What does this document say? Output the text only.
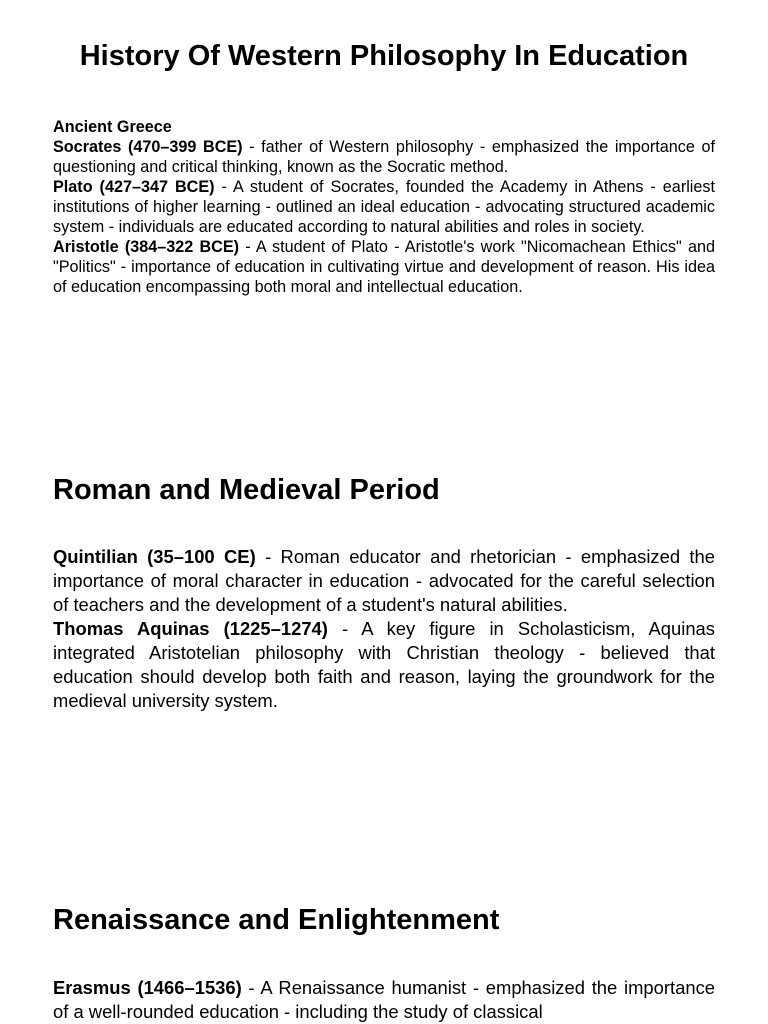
History Of Western Philosophy In Education

Ancient Greece

Socrates (470–399 BCE) - father of Western philosophy - emphasized the importance of questioning and critical thinking, known as the Socratic method.

Plato (427–347 BCE) - A student of Socrates, founded the Academy in Athens - earliest institutions of higher learning - outlined an ideal education - advocating structured academic system - individuals are educated according to natural abilities and roles in society.

Aristotle (384–322 BCE) - A student of Plato - Aristotle's work "Nicomachean Ethics" and "Politics" - importance of education in cultivating virtue and development of reason. His idea of education encompassing both moral and intellectual education.

Roman and Medieval Period

Quintilian (35–100 CE) - Roman educator and rhetorician - emphasized the importance of moral character in education - advocated for the careful selection of teachers and the development of a student's natural abilities.

Thomas Aquinas (1225–1274) - A key figure in Scholasticism, Aquinas integrated Aristotelian philosophy with Christian theology - believed that education should develop both faith and reason, laying the groundwork for the medieval university system.

Renaissance and Enlightenment

Erasmus (1466–1536) - A Renaissance humanist - emphasized the importance of a well-rounded education - including the study of classical
